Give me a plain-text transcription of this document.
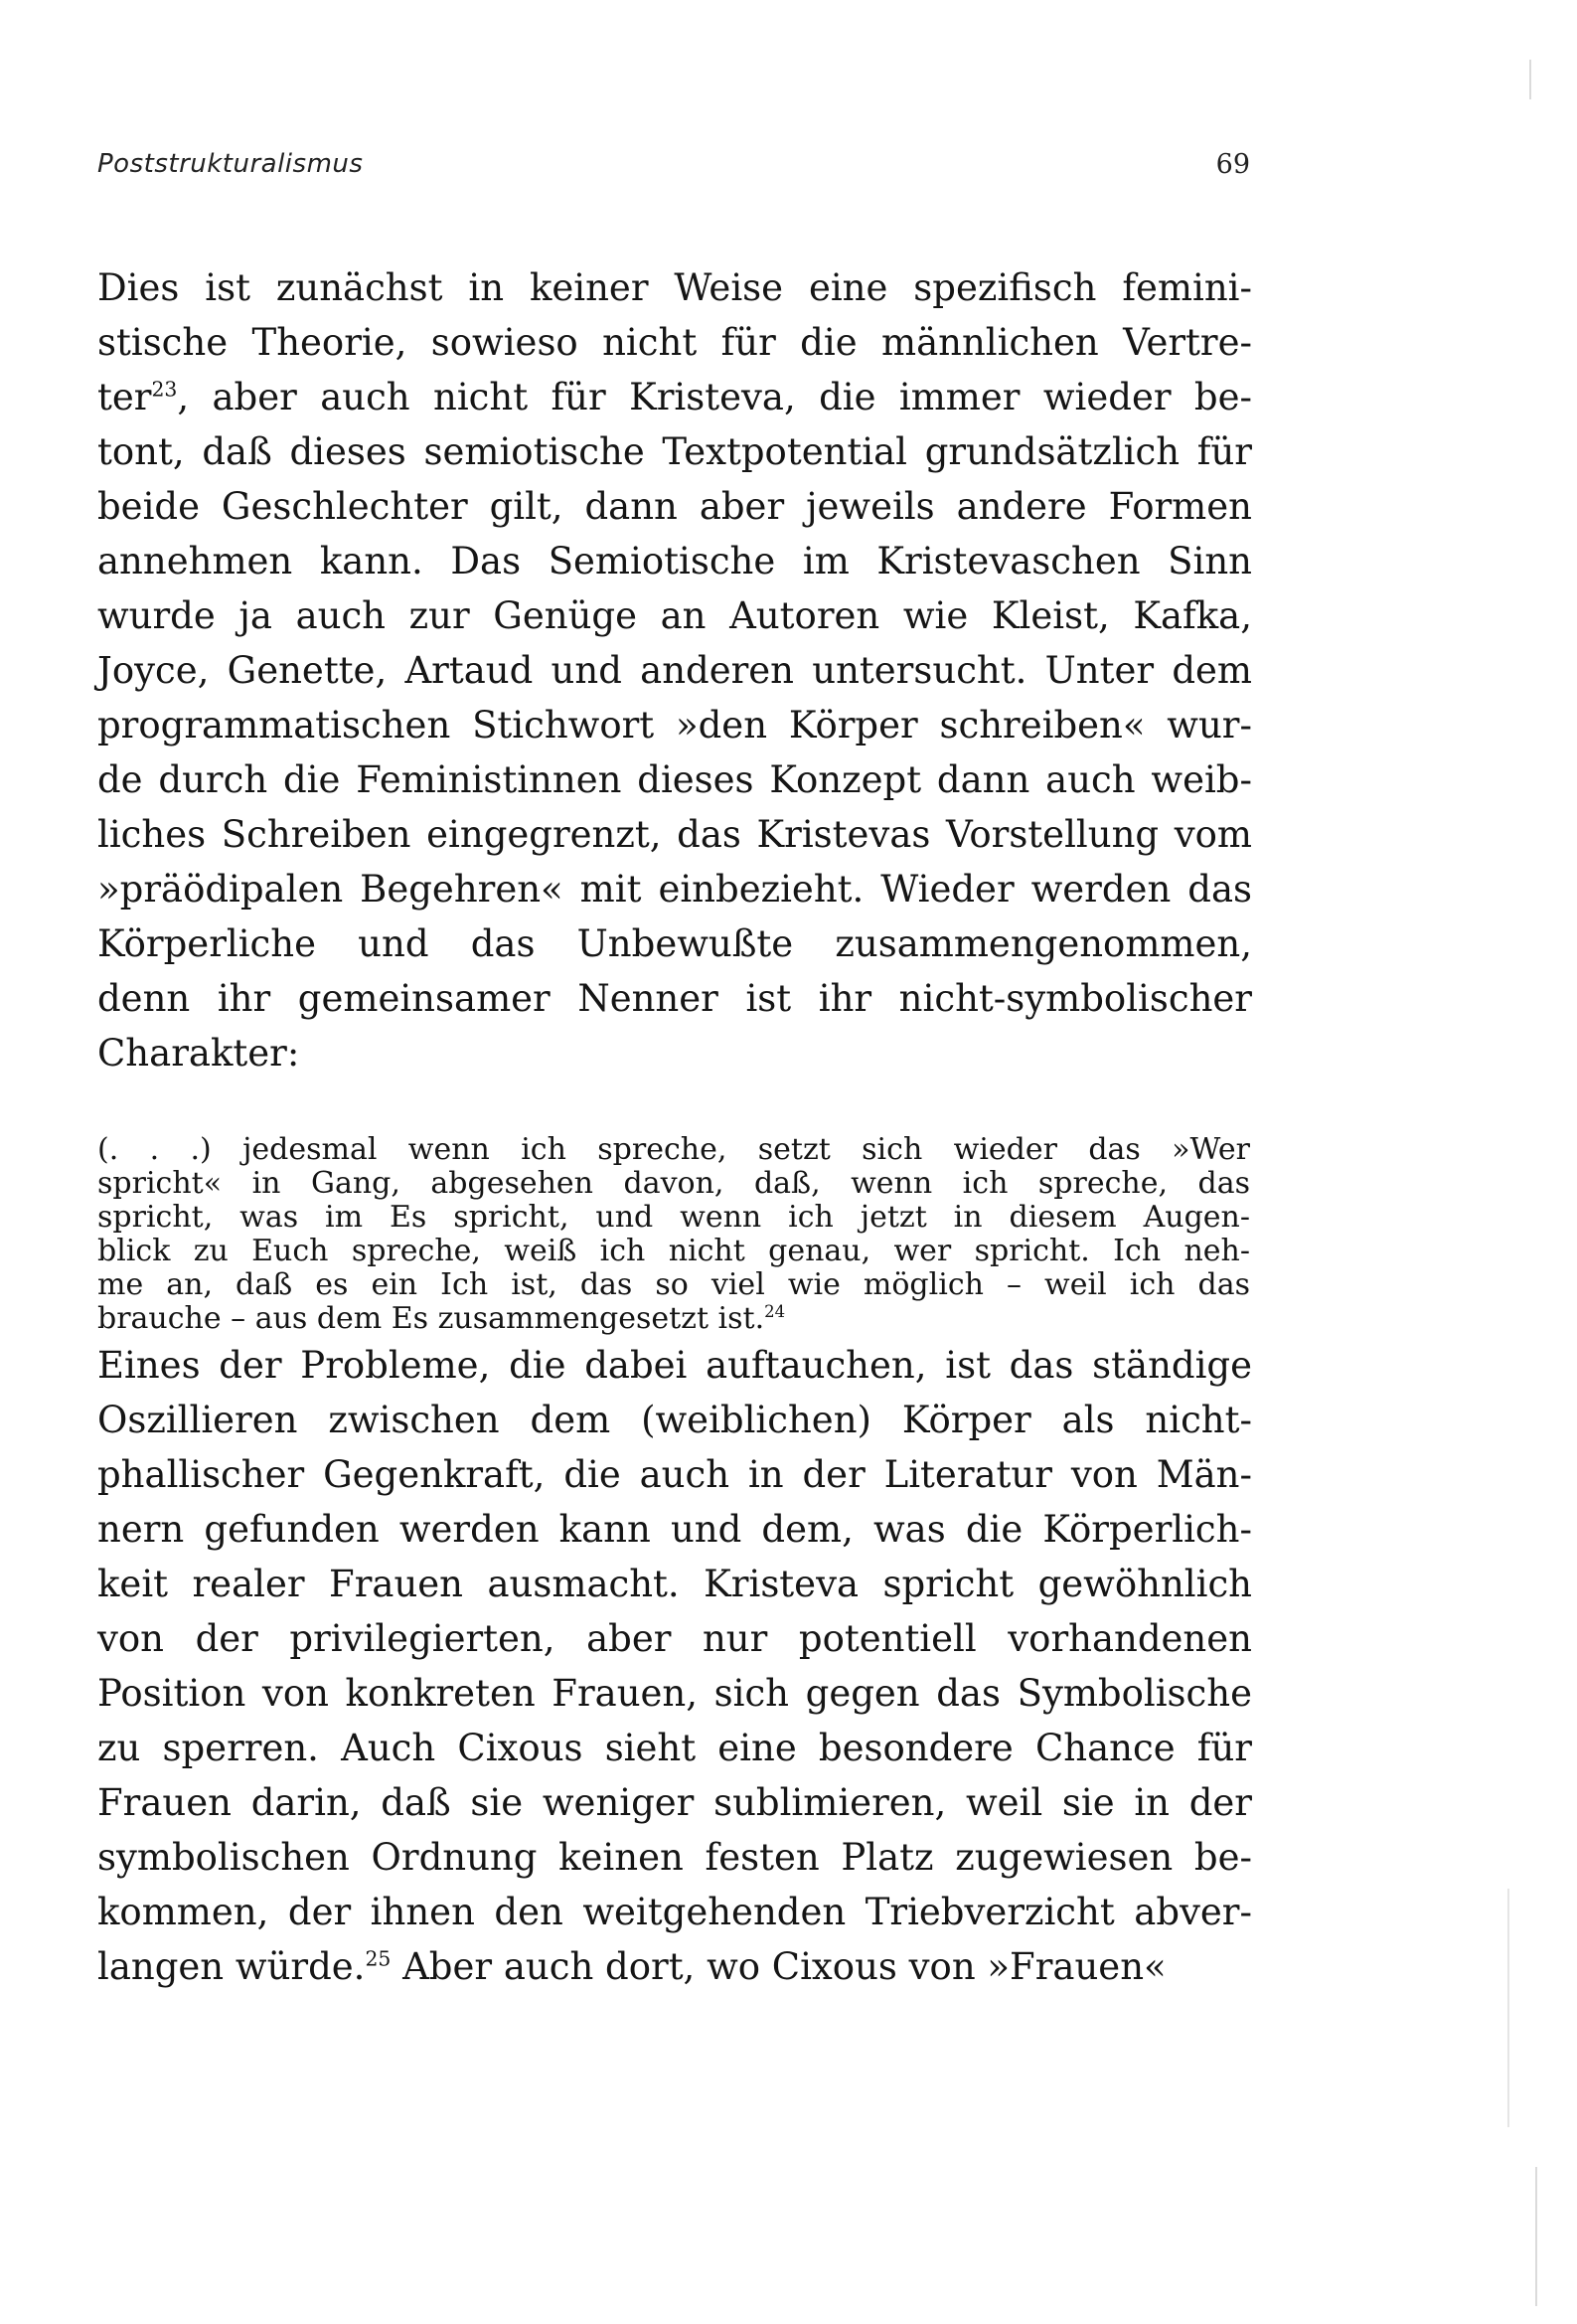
Poststrukturalismus	69
Dies ist zunächst in keiner Weise eine spezifisch femini-
stische Theorie, sowieso nicht für die männlichen Vertre-
ter$^{23}$, aber auch nicht für Kristeva, die immer wieder be-
tont, daß dieses semiotische Textpotential grundsätzlich für
beide Geschlechter gilt, dann aber jeweils andere Formen
annehmen kann. Das Semiotische im Kristevaschen Sinn
wurde ja auch zur Genüge an Autoren wie Kleist, Kafka,
Joyce, Genette, Artaud und anderen untersucht. Unter dem
programmatischen Stichwort »den Körper schreiben« wur-
de durch die Feministinnen dieses Konzept dann auch weib-
liches Schreiben eingegrenzt, das Kristevas Vorstellung vom
»präödipalen Begehren« mit einbezieht. Wieder werden das
Körperliche und das Unbewußte zusammengenommen,
denn ihr gemeinsamer Nenner ist ihr nicht-symbolischer
Charakter:
(. . .) jedesmal wenn ich spreche, setzt sich wieder das »Wer
spricht« in Gang, abgesehen davon, daß, wenn ich spreche, das
spricht, was im Es spricht, und wenn ich jetzt in diesem Augen-
blick zu Euch spreche, weiß ich nicht genau, wer spricht. Ich neh-
me an, daß es ein Ich ist, das so viel wie möglich – weil ich das
brauche – aus dem Es zusammengesetzt ist.$^{24}$
Eines der Probleme, die dabei auftauchen, ist das ständige
Oszillieren zwischen dem (weiblichen) Körper als nicht-
phallischer Gegenkraft, die auch in der Literatur von Män-
nern gefunden werden kann und dem, was die Körperlich-
keit realer Frauen ausmacht. Kristeva spricht gewöhnlich
von der privilegierten, aber nur potentiell vorhandenen
Position von konkreten Frauen, sich gegen das Symbolische
zu sperren. Auch Cixous sieht eine besondere Chance für
Frauen darin, daß sie weniger sublimieren, weil sie in der
symbolischen Ordnung keinen festen Platz zugewiesen be-
kommen, der ihnen den weitgehenden Triebverzicht abver-
langen würde.$^{25}$ Aber auch dort, wo Cixous von »Frauen«
